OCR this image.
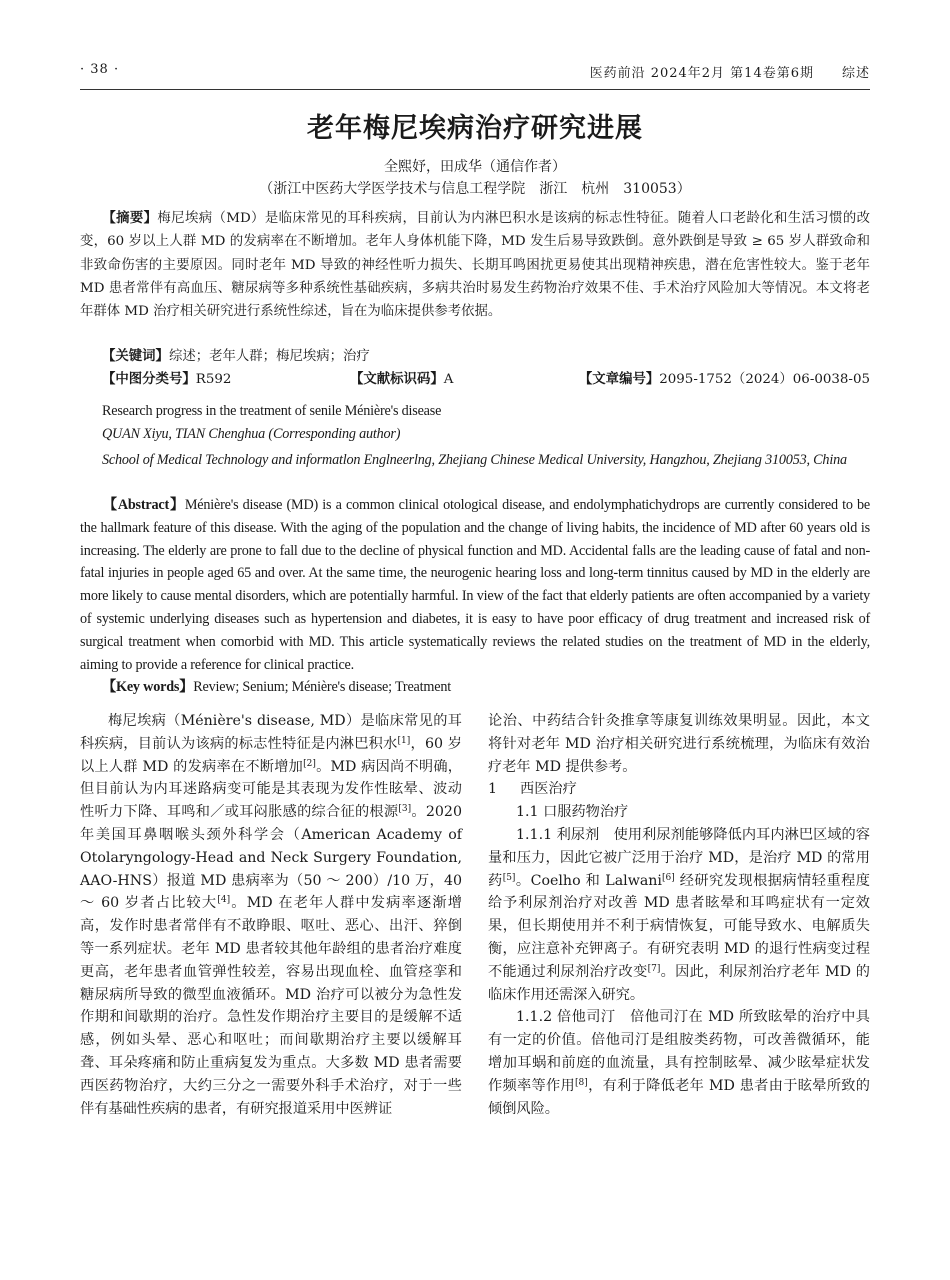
· 38 ·	医药前沿 2024年2月 第14卷第6期　　综述
老年梅尼埃病治疗研究进展
全熙妤，田成华（通信作者）
（浙江中医药大学医学技术与信息工程学院　浙江　杭州　310053）
【摘要】梅尼埃病（MD）是临床常见的耳科疾病，目前认为内淋巴积水是该病的标志性特征。随着人口老龄化和生活习惯的改变，60 岁以上人群 MD 的发病率在不断增加。老年人身体机能下降，MD 发生后易导致跌倒。意外跌倒是导致 ≥ 65 岁人群致命和非致命伤害的主要原因。同时老年 MD 导致的神经性听力损失、长期耳鸣困扰更易使其出现精神疾患，潜在危害性较大。鉴于老年 MD 患者常伴有高血压、糖尿病等多种系统性基础疾病，多病共治时易发生药物治疗效果不佳、手术治疗风险加大等情况。本文将老年群体 MD 治疗相关研究进行系统性综述，旨在为临床提供参考依据。
【关键词】综述；老年人群；梅尼埃病；治疗
【中图分类号】R592	【文献标识码】A	【文章编号】2095-1752（2024）06-0038-05
Research progress in the treatment of senile Ménière's disease
QUAN Xiyu, TIAN Chenghua (Corresponding author)
School of Medical Technology and informatlon Englneerlng, Zhejiang Chinese Medical University, Hangzhou, Zhejiang 310053, China
【Abstract】Ménière's disease (MD) is a common clinical otological disease, and endolymphatichydrops are currently considered to be the hallmark feature of this disease. With the aging of the population and the change of living habits, the incidence of MD after 60 years old is increasing. The elderly are prone to fall due to the decline of physical function and MD. Accidental falls are the leading cause of fatal and non-fatal injuries in people aged 65 and over. At the same time, the neurogenic hearing loss and long-term tinnitus caused by MD in the elderly are more likely to cause mental disorders, which are potentially harmful. In view of the fact that elderly patients are often accompanied by a variety of systemic underlying diseases such as hypertension and diabetes, it is easy to have poor efficacy of drug treatment and increased risk of surgical treatment when comorbid with MD. This article systematically reviews the related studies on the treatment of MD in the elderly, aiming to provide a reference for clinical practice.
【Key words】Review; Senium; Ménière's disease; Treatment

梅尼埃病（Ménière's disease, MD）是临床常见的耳科疾病，目前认为该病的标志性特征是内淋巴积水[1]，60 岁以上人群 MD 的发病率在不断增加[2]。MD 病因尚不明确，但目前认为内耳迷路病变可能是其表现为发作性眩晕、波动性听力下降、耳鸣和／或耳闷胀感的综合征的根源[3]。2020 年美国耳鼻咽喉头颈外科学会（American Academy of Otolaryngology-Head and Neck Surgery Foundation, AAO-HNS）报道 MD 患病率为（50 ～ 200）/10 万，40 ～ 60 岁者占比较大[4]。MD 在老年人群中发病率逐渐增高，发作时患者常伴有不敢睁眼、呕吐、恶心、出汗、猝倒等一系列症状。老年 MD 患者较其他年龄组的患者治疗难度更高，老年患者血管弹性较差，容易出现血栓、血管痉挛和糖尿病所导致的微型血液循环。MD 治疗可以被分为急性发作期和间歇期的治疗。急性发作期治疗主要目的是缓解不适感，例如头晕、恶心和呕吐；而间歇期治疗主要以缓解耳聋、耳朵疼痛和防止重病复发为重点。大多数 MD 患者需要西医药物治疗，大约三分之一需要外科手术治疗，对于一些伴有基础性疾病的患者，有研究报道采用中医辨证

论治、中药结合针灸推拿等康复训练效果明显。因此，本文将针对老年 MD 治疗相关研究进行系统梳理，为临床有效治疗老年 MD 提供参考。

1 西医治疗

1.1 口服药物治疗

1.1.1 利尿剂　使用利尿剂能够降低内耳内淋巴区域的容量和压力，因此它被广泛用于治疗 MD，是治疗 MD 的常用药[5]。Coelho 和 Lalwani[6] 经研究发现根据病情轻重程度给予利尿剂治疗对改善 MD 患者眩晕和耳鸣症状有一定效果，但长期使用并不利于病情恢复，可能导致水、电解质失衡，应注意补充钾离子。有研究表明 MD 的退行性病变过程不能通过利尿剂治疗改变[7]。因此，利尿剂治疗老年 MD 的临床作用还需深入研究。

1.1.2 倍他司汀　倍他司汀在 MD 所致眩晕的治疗中具有一定的价值。倍他司汀是组胺类药物，可改善微循环，能增加耳蜗和前庭的血流量，具有控制眩晕、减少眩晕症状发作频率等作用[8]，有利于降低老年 MD 患者由于眩晕所致的倾倒风险。
